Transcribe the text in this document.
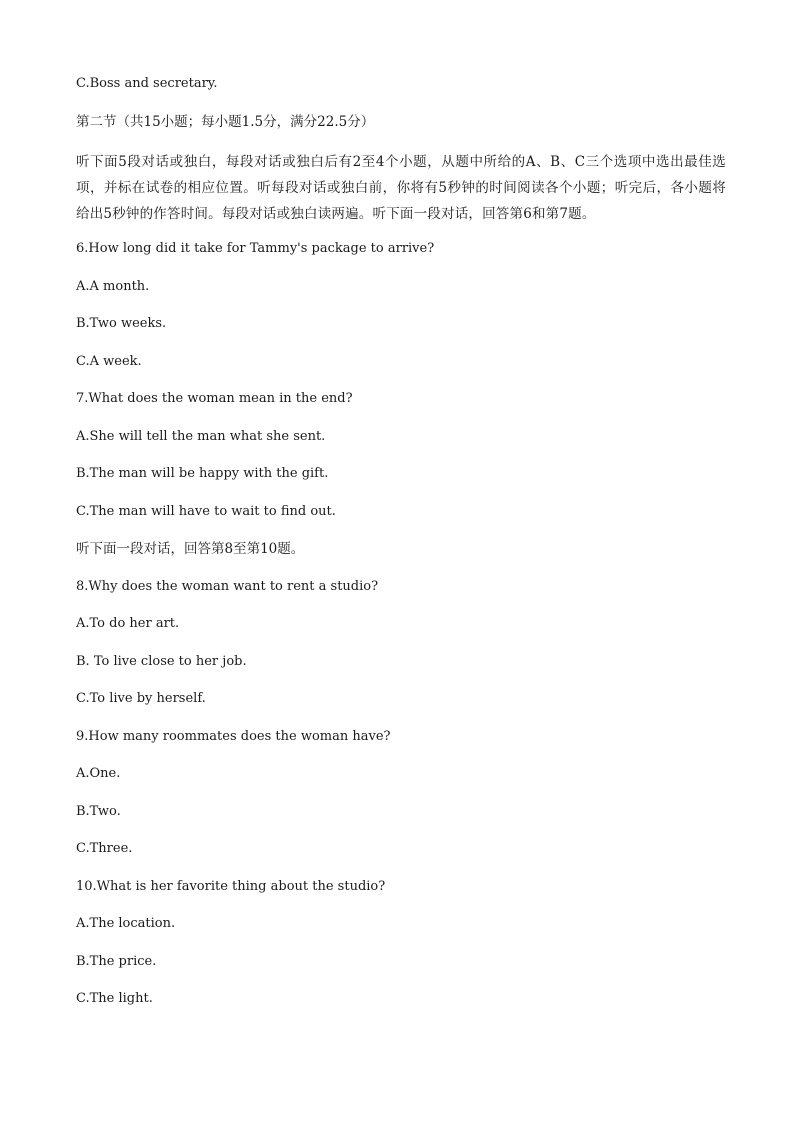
C.Boss and secretary.
第二节（共15小题；每小题1.5分，满分22.5分）
听下面5段对话或独白，每段对话或独白后有2至4个小题，从题中所给的A、B、C三个选项中选出最佳选项，并标在试卷的相应位置。听每段对话或独白前，你将有5秒钟的时间阅读各个小题；听完后，各小题将给出5秒钟的作答时间。每段对话或独白读两遍。听下面一段对话，回答第6和第7题。
6.How long did it take for Tammy's package to arrive?
A.A month.
B.Two weeks.
C.A week.
7.What does the woman mean in the end?
A.She will tell the man what she sent.
B.The man will be happy with the gift.
C.The man will have to wait to find out.
听下面一段对话，回答第8至第10题。
8.Why does the woman want to rent a studio?
A.To do her art.
B. To live close to her job.
C.To live by herself.
9.How many roommates does the woman have?
A.One.
B.Two.
C.Three.
10.What is her favorite thing about the studio?
A.The location.
B.The price.
C.The light.
